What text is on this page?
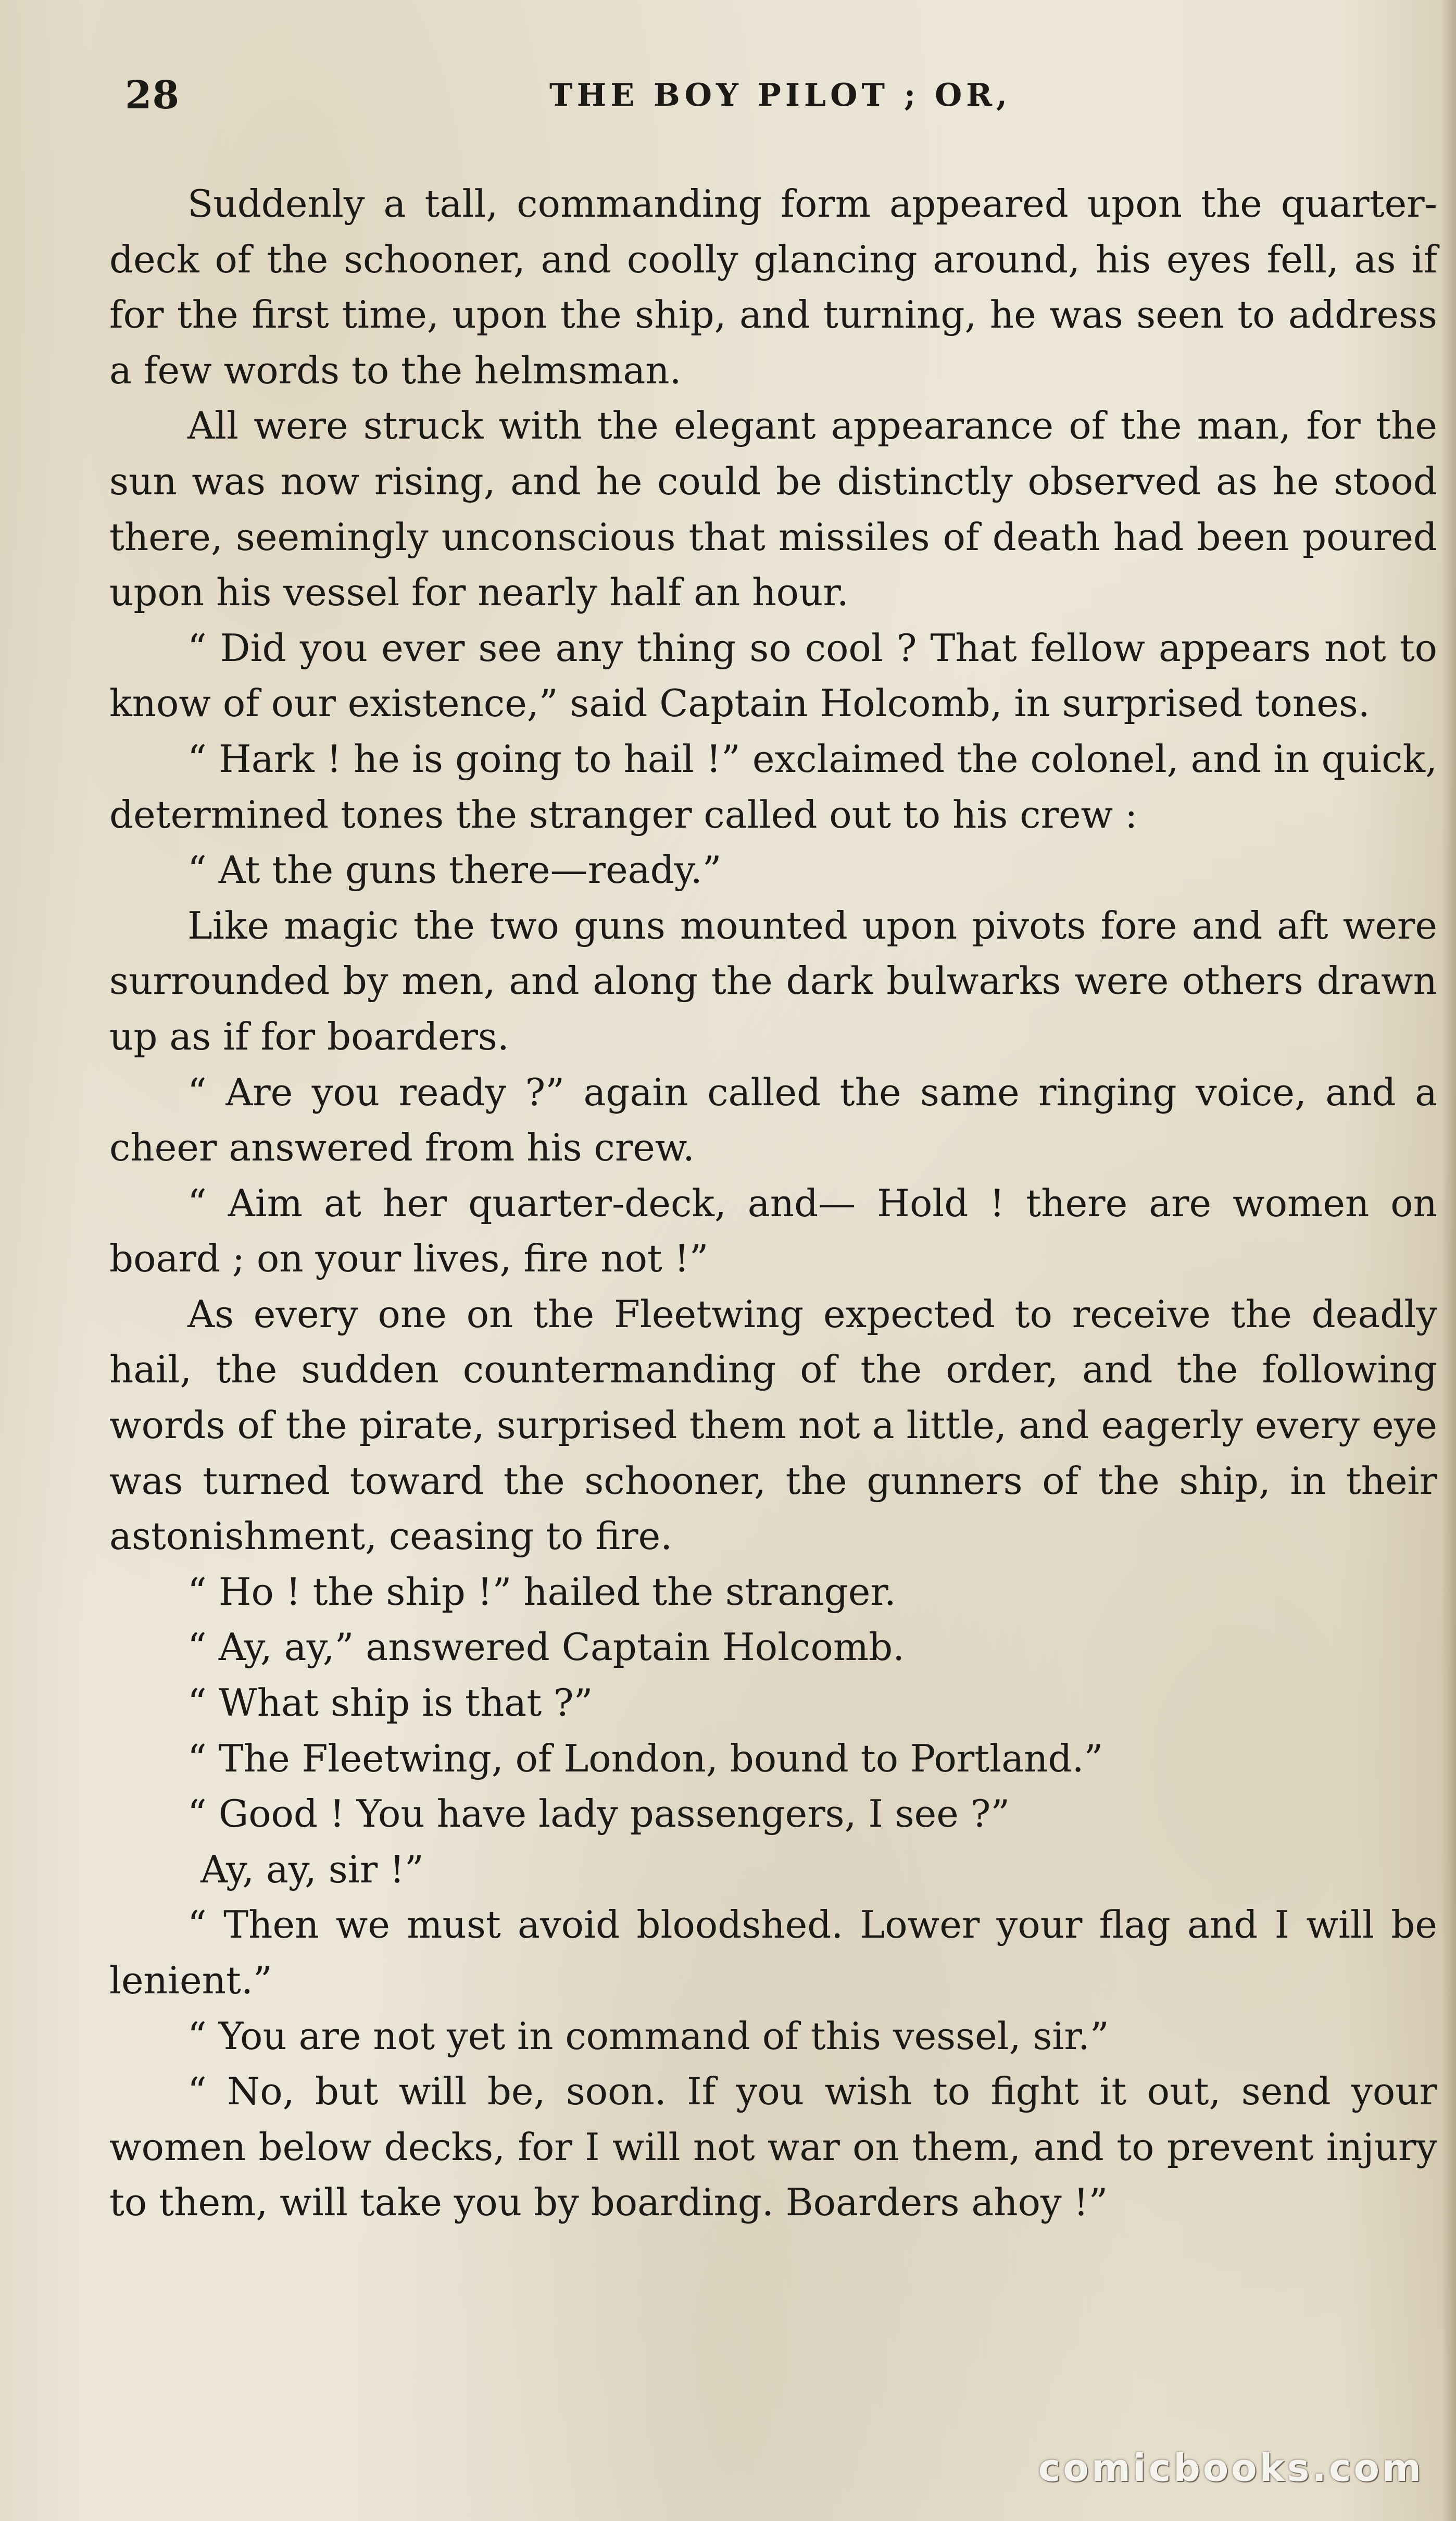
28	THE BOY PILOT ; OR,

Suddenly a tall, commanding form appeared upon the quarter-deck of the schooner, and coolly glancing around, his eyes fell, as if for the first time, upon the ship, and turning, he was seen to address a few words to the helmsman.

All were struck with the elegant appearance of the man, for the sun was now rising, and he could be distinctly observed as he stood there, seemingly unconscious that missiles of death had been poured upon his vessel for nearly half an hour.

“ Did you ever see any thing so cool ? That fellow appears not to know of our existence,” said Captain Holcomb, in surprised tones.

“ Hark ! he is going to hail !” exclaimed the colonel, and in quick, determined tones the stranger called out to his crew :

“ At the guns there—ready.”

Like magic the two guns mounted upon pivots fore and aft were surrounded by men, and along the dark bulwarks were others drawn up as if for boarders.

“ Are you ready ?” again called the same ringing voice, and a cheer answered from his crew.

“ Aim at her quarter-deck, and— Hold ! there are women on board ; on your lives, fire not !”

As every one on the Fleetwing expected to receive the deadly hail, the sudden countermanding of the order, and the following words of the pirate, surprised them not a little, and eagerly every eye was turned toward the schooner, the gunners of the ship, in their astonishment, ceasing to fire.

“ Ho ! the ship !” hailed the stranger.

“ Ay, ay,” answered Captain Holcomb.

“ What ship is that ?”

“ The Fleetwing, of London, bound to Portland.”

“ Good ! You have lady passengers, I see ?”

Ay, ay, sir !”

“ Then we must avoid bloodshed. Lower your flag and I will be lenient.”

“ You are not yet in command of this vessel, sir.”

“ No, but will be, soon. If you wish to fight it out, send your women below decks, for I will not war on them, and to prevent injury to them, will take you by boarding. Boarders ahoy !”

comicbooks.com
